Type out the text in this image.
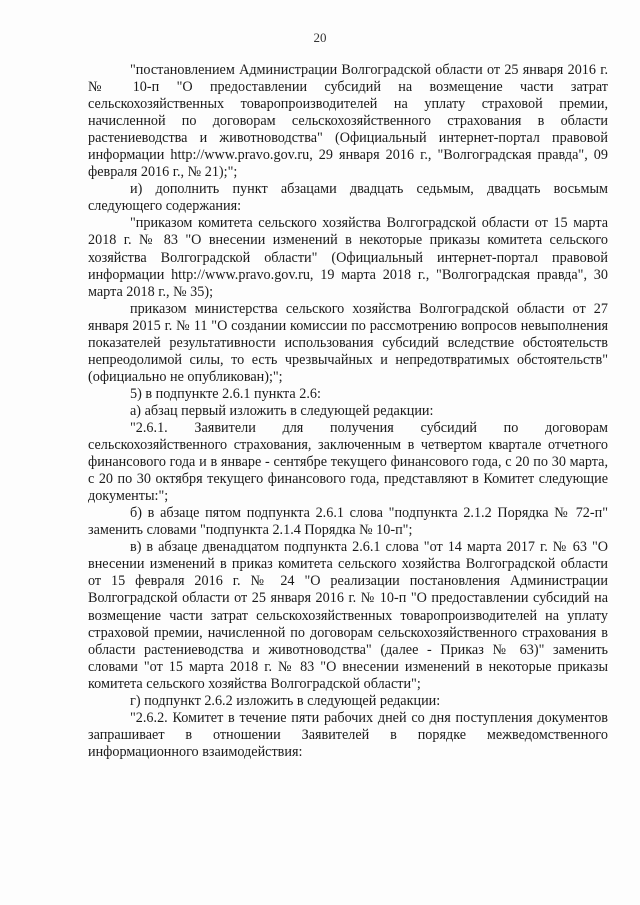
20

"постановлением Администрации Волгоградской области от 25 января 2016 г. № 10-п "О предоставлении субсидий на возмещение части затрат сельскохозяйственных товаропроизводителей на уплату страховой премии, начисленной по договорам сельскохозяйственного страхования в области растениеводства и животноводства" (Официальный интернет-портал правовой информации http://www.pravo.gov.ru, 29 января 2016 г., "Волгоградская правда", 09 февраля 2016 г., № 21);";

и) дополнить пункт абзацами двадцать седьмым, двадцать восьмым следующего содержания:

"приказом комитета сельского хозяйства Волгоградской области от 15 марта 2018 г. № 83 "О внесении изменений в некоторые приказы комитета сельского хозяйства Волгоградской области" (Официальный интернет-портал правовой информации http://www.pravo.gov.ru, 19 марта 2018 г., "Волгоградская правда", 30 марта 2018 г., № 35);

приказом министерства сельского хозяйства Волгоградской области от 27 января 2015 г. № 11 "О создании комиссии по рассмотрению вопросов невыполнения показателей результативности использования субсидий вследствие обстоятельств непреодолимой силы, то есть чрезвычайных и непредотвратимых обстоятельств" (официально не опубликован);";

5) в подпункте 2.6.1 пункта 2.6:

а) абзац первый изложить в следующей редакции:

"2.6.1. Заявители для получения субсидий по договорам сельскохозяйственного страхования, заключенным в четвертом квартале отчетного финансового года и в январе - сентябре текущего финансового года, с 20 по 30 марта, с 20 по 30 октября текущего финансового года, представляют в Комитет следующие документы:";

б) в абзаце пятом подпункта 2.6.1 слова "подпункта 2.1.2 Порядка № 72-п" заменить словами "подпункта 2.1.4 Порядка № 10-п";

в) в абзаце двенадцатом подпункта 2.6.1 слова "от 14 марта 2017 г. № 63 "О внесении изменений в приказ комитета сельского хозяйства Волгоградской области от 15 февраля 2016 г. № 24 "О реализации постановления Администрации Волгоградской области от 25 января 2016 г. № 10-п "О предоставлении субсидий на возмещение части затрат сельскохозяйственных товаропроизводителей на уплату страховой премии, начисленной по договорам сельскохозяйственного страхования в области растениеводства и животноводства" (далее - Приказ № 63)" заменить словами "от 15 марта 2018 г. № 83 "О внесении изменений в некоторые приказы комитета сельского хозяйства Волгоградской области";

г) подпункт 2.6.2 изложить в следующей редакции:

"2.6.2. Комитет в течение пяти рабочих дней со дня поступления документов запрашивает в отношении Заявителей в порядке межведомственного информационного взаимодействия:
